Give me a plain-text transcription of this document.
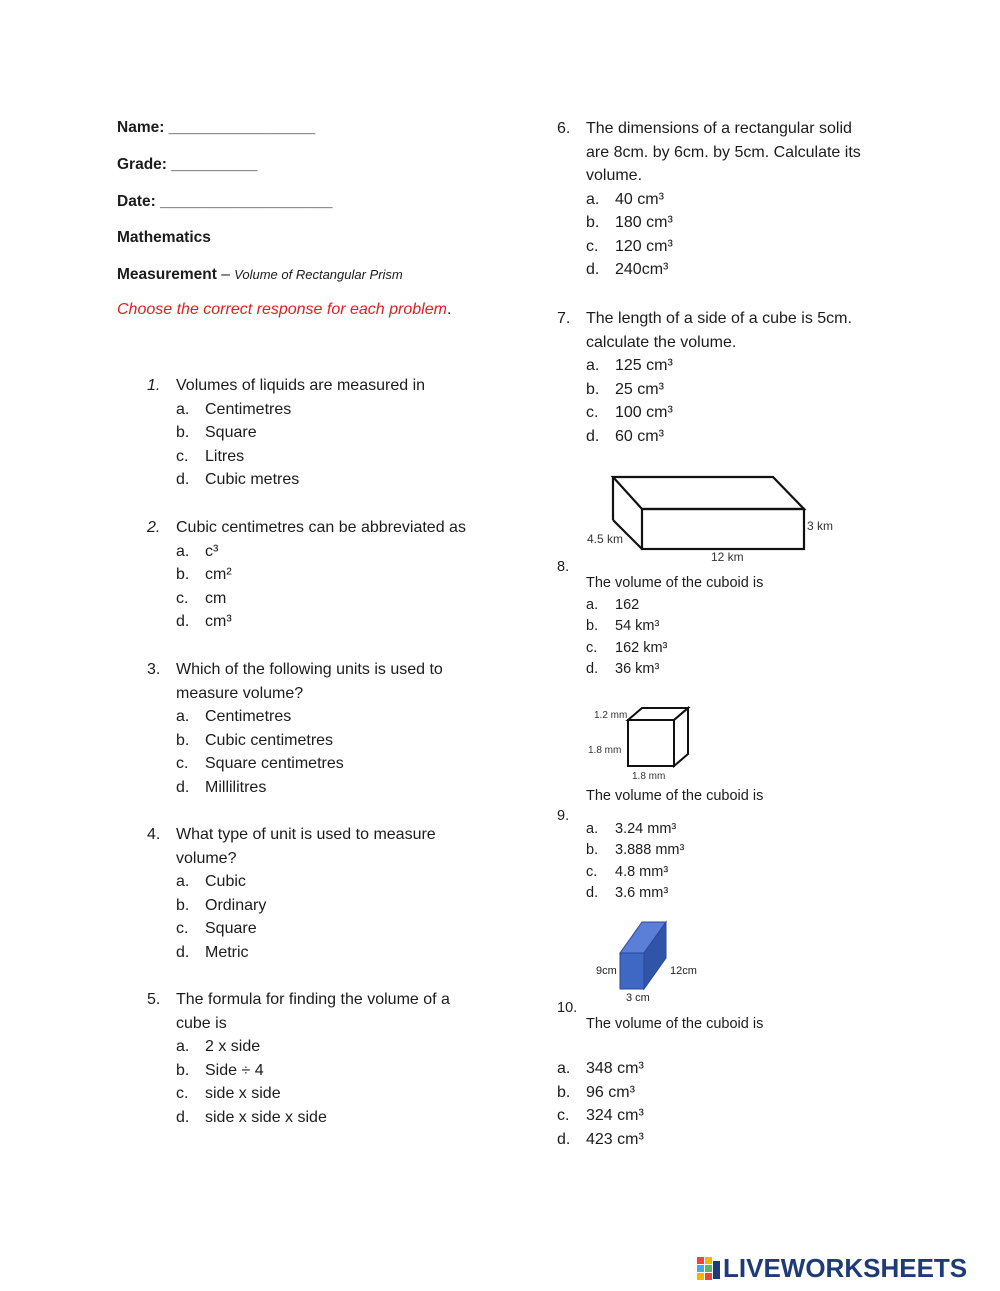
Name: _________________
Grade: __________
Date: ____________________
Mathematics
Measurement – Volume of Rectangular Prism
Choose the correct response for each problem.
1. Volumes of liquids are measured in
a. Centimetres
b. Square
c. Litres
d. Cubic metres
2. Cubic centimetres can be abbreviated as
a. c³
b. cm²
c. cm
d. cm³
3. Which of the following units is used to measure volume?
a. Centimetres
b. Cubic centimetres
c. Square centimetres
d. Millilitres
4. What type of unit is used to measure volume?
a. Cubic
b. Ordinary
c. Square
d. Metric
5. The formula for finding the volume of a cube is
a. 2 x side
b. Side ÷ 4
c. side x side
d. side x side x side
6. The dimensions of a rectangular solid are 8cm. by 6cm. by 5cm. Calculate its volume.
a. 40 cm³
b. 180 cm³
c. 120 cm³
d. 240cm³
7. The length of a side of a cube is 5cm. calculate the volume.
a. 125 cm³
b. 25 cm³
c. 100 cm³
d. 60 cm³
4.5 km
3 km
12 km
8.
The volume of the cuboid is
a. 162
b. 54 km³
c. 162 km³
d. 36 km³
1.2 mm
1.8 mm
1.8 mm
9.
The volume of the cuboid is
a. 3.24 mm³
b. 3.888 mm³
c. 4.8 mm³
d. 3.6 mm³
9cm	12cm
3 cm
10.
The volume of the cuboid is
a. 348 cm³
b. 96 cm³
c. 324 cm³
d. 423 cm³
LIVEWORKSHEETS
